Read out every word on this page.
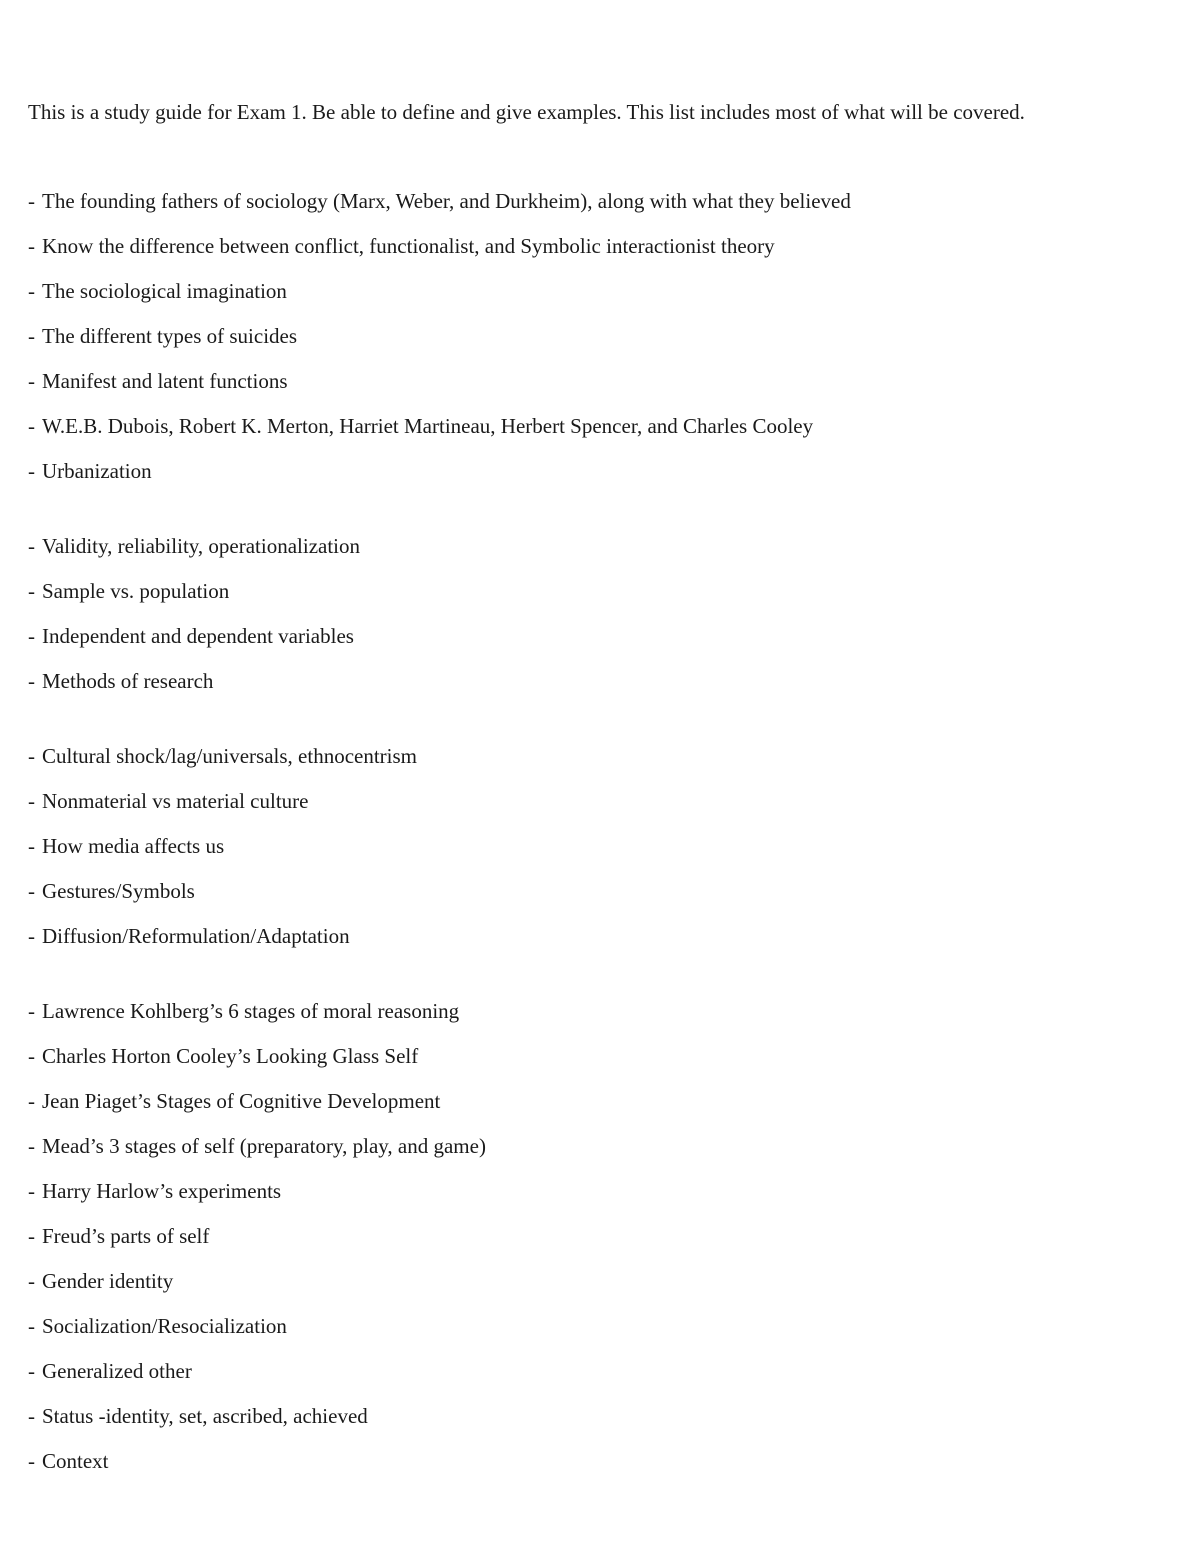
This is a study guide for Exam 1. Be able to define and give examples. This list includes most of what will be covered.

- The founding fathers of sociology (Marx, Weber, and Durkheim), along with what they believed
- Know the difference between conflict, functionalist, and Symbolic interactionist theory
- The sociological imagination
- The different types of suicides
- Manifest and latent functions
- W.E.B. Dubois, Robert K. Merton, Harriet Martineau, Herbert Spencer, and Charles Cooley
- Urbanization
- Validity, reliability, operationalization
- Sample vs. population
- Independent and dependent variables
- Methods of research
- Cultural shock/lag/universals, ethnocentrism
- Nonmaterial vs material culture
- How media affects us
- Gestures/Symbols
- Diffusion/Reformulation/Adaptation
- Lawrence Kohlberg’s 6 stages of moral reasoning
- Charles Horton Cooley’s Looking Glass Self
- Jean Piaget’s Stages of Cognitive Development
- Mead’s 3 stages of self (preparatory, play, and game)
- Harry Harlow’s experiments
- Freud’s parts of self
- Gender identity
- Socialization/Resocialization
- Generalized other
- Status -identity, set, ascribed, achieved
- Context
